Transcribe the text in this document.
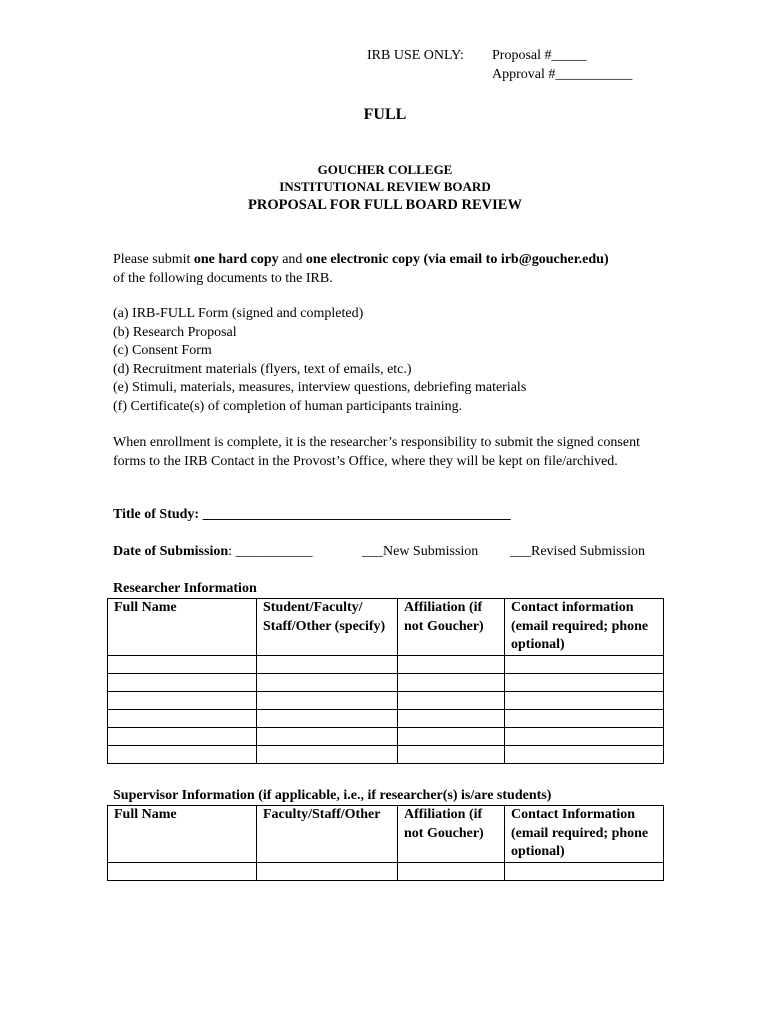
IRB USE ONLY: Proposal #_____
Approval #___________
FULL
GOUCHER COLLEGE
INSTITUTIONAL REVIEW BOARD
PROPOSAL FOR FULL BOARD REVIEW
Please submit one hard copy and one electronic copy (via email to irb@goucher.edu)
of the following documents to the IRB.
(a) IRB-FULL Form (signed and completed)
(b) Research Proposal
(c) Consent Form
(d) Recruitment materials (flyers, text of emails, etc.)
(e) Stimuli, materials, measures, interview questions, debriefing materials
(f) Certificate(s) of completion of human participants training.
When enrollment is complete, it is the researcher’s responsibility to submit the signed consent forms to the IRB Contact in the Provost’s Office, where they will be kept on file/archived.
Title of Study: ____________________________________________
Date of Submission: ___________	___New Submission ___Revised Submission
Researcher Information
Full Name	Student/Faculty/ Staff/Other (specify)	Affiliation (if not Goucher)	Contact information (email required; phone optional)

Supervisor Information (if applicable, i.e., if researcher(s) is/are students)
Full Name	Faculty/Staff/Other	Affiliation (if not Goucher)	Contact Information (email required; phone optional)
